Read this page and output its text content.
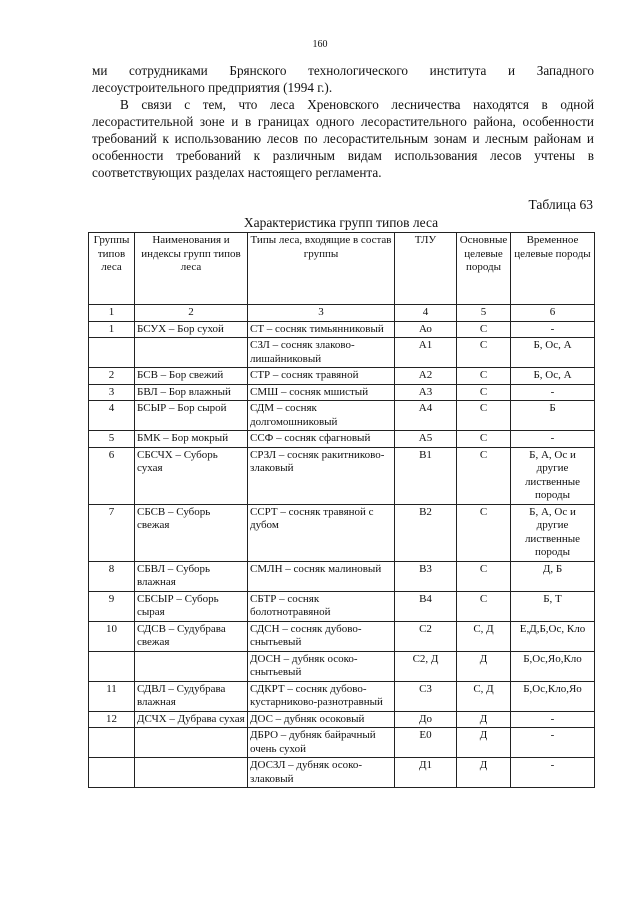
160

ми сотрудниками Брянского технологического института и Западного лесоустроительного предприятия (1994 г.).

В связи с тем, что леса Хреновского лесничества находятся в одной лесорастительной зоне и в границах одного лесорастительного района, особенности требований к использованию лесов по лесорастительным зонам и лесным районам и особенности требований к различным видам использования лесов учтены в соответствующих разделах настоящего регламента.

Таблица 63
Характеристика групп типов леса
Группы типов леса	Наименования и индексы групп типов леса	Типы леса, входящие в состав группы	ТЛУ	Основные целевые породы	Временное целевые породы
1	2	3	4	5	6
1	БСУХ – Бор сухой	СТ – сосняк тимьянниковый	Ао	С	-
		СЗЛ – сосняк злаково-лишайниковый	А1	С	Б, Ос, А
2	БСВ – Бор свежий	СТР – сосняк травяной	А2	С	Б, Ос, А
3	БВЛ – Бор влажный	СМШ – сосняк мшистый	А3	С	-
4	БСЫР – Бор сырой	СДМ – сосняк долгомошниковый	А4	С	Б
5	БМК – Бор мокрый	ССФ – сосняк сфагновый	А5	С	-
6	СБСЧХ – Суборь сухая	СРЗЛ – сосняк ракитниково-злаковый	В1	С	Б, А, Ос и другие лиственные породы
7	СБСВ – Суборь свежая	ССРТ – сосняк травяной с дубом	В2	С	Б, А, Ос и другие лиственные породы
8	СБВЛ – Суборь влажная	СМЛН – сосняк малиновый	В3	С	Д, Б
9	СБСЫР – Суборь сырая	СБТР – сосняк болотнотравяной	В4	С	Б, Т
10	СДСВ – Судубрава свежая	СДСН – сосняк дубово-снытьевый	С2	С, Д	Е,Д,Б,Ос, Кло
		ДОСН – дубняк осоко-снытьевый	С2, Д	Д	Б,Ос,Яо,Кло
11	СДВЛ – Судубрава влажная	СДКРТ – сосняк дубово-кустарниково-разнотравный	С3	С, Д	Б,Ос,Кло,Яо
12	ДСЧХ – Дубрава сухая	ДОС – дубняк осоковый	До	Д	-
		ДБРО – дубняк байрачный очень сухой	Е0	Д	-
		ДОСЗЛ – дубняк осоко-злаковый	Д1	Д	-
